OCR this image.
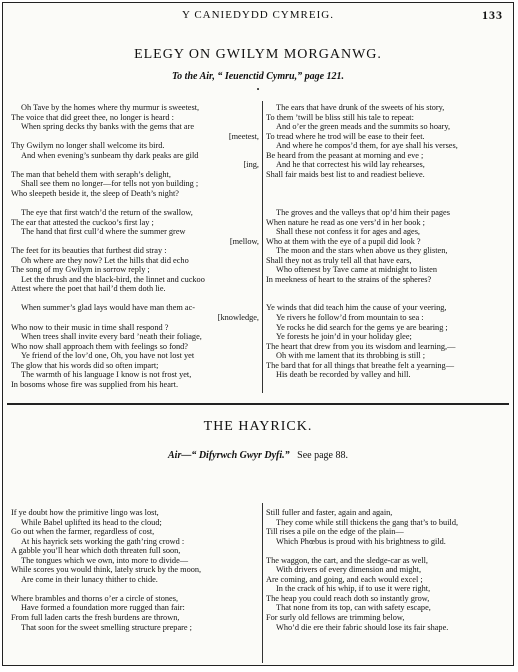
Y CANIEDYDD CYMREIG.	133
ELEGY ON GWILYM MORGANWG.
To the Air, “ Ieuenctid Cymru,” page 121.
•
Oh Tave by the homes where thy murmur is sweetest,
The voice that did greet thee, no longer is heard :
When spring decks thy banks with the gems that are
[meetest,
Thy Gwilym no longer shall welcome its bird.
And when evening’s sunbeam thy dark peaks are gild
[ing,
The man that beheld them with seraph’s delight,
Shall see them no longer—for tells not yon building ;
Who sleepeth beside it, the sleep of Death’s night?
The eye that first watch’d the return of the swallow,
The ear that attested the cuckoo’s first lay ;
The hand that first cull’d where the summer grew
[mellow,
The feet for its beauties that furthest did stray :
Oh where are they now? Let the hills that did echo
The song of my Gwilym in sorrow reply ;
Let the thrush and the black-bird, the linnet and cuckoo
Attest where the poet that hail’d them doth lie.
When summer’s glad lays would have man them ac-
[knowledge,
Who now to their music in time shall respond ?
When trees shall invite every bard ’neath their foliage,
Who now shall approach them with feelings so fond?
Ye friend of the lov’d one, Oh, you have not lost yet
The glow that his words did so often impart;
The warmth of his language I know is not frost yet,
In bosoms whose fire was supplied from his heart.
The ears that have drunk of the sweets of his story,
To them ’twill be bliss still his tale to repeat:
And o’er the green meads and the summits so hoary,
To tread where he trod will be ease to their feet.
And where he compos’d them, for aye shall his verses,
Be heard from the peasant at morning and eve ;
And he that correctest his wild lay rehearses,
Shall fair maids best list to and readiest believe.
The groves and the valleys that op’d him their pages
When nature he read as one vers’d in her book ;
Shall these not confess it for ages and ages,
Who at them with the eye of a pupil did look ?
The moon and the stars when above us they glisten,
Shall they not as truly tell all that have ears,
Who oftenest by Tave came at midnight to listen
In meekness of heart to the strains of the spheres?
Ye winds that did teach him the cause of your veering,
Ye rivers he follow’d from mountain to sea :
Ye rocks he did search for the gems ye are bearing ;
Ye forests he join’d in your holiday glee;
The heart that drew from you its wisdom and learning,—
Oh with me lament that its throbbing is still ;
The bard that for all things that breathe felt a yearning—
His death be recorded by valley and hill.
THE HAYRICK.
Air—“ Difyrwch Gwyr Dyfi.” See page 88.
If ye doubt how the primitive lingo was lost,
While Babel uplifted its head to the cloud;
Go out when the farmer, regardless of cost,
At his hayrick sets working the gath’ring crowd :
A gabble you’ll hear which doth threaten full soon,
The tongues which we own, into more to divide—
While scores you would think, lately struck by the moon,
Are come in their lunacy thither to chide.
Where brambles and thorns o’er a circle of stones,
Have formed a foundation more rugged than fair:
From full laden carts the fresh burdens are thrown,
That soon for the sweet smelling structure prepare ;
Still fuller and faster, again and again,
They come while still thickens the gang that’s to build,
Till rises a pile on the edge of the plain—
Which Phœbus is proud with his brightness to gild.
The waggon, the cart, and the sledge-car as well,
With drivers of every dimension and might,
Are coming, and going, and each would excel ;
In the crack of his whip, if to use it were right,
The heap you could reach doth so instantly grow,
That none from its top, can with safety escape,
For surly old fellows are trimming below,
Who’d die ere their fabric should lose its fair shape.
